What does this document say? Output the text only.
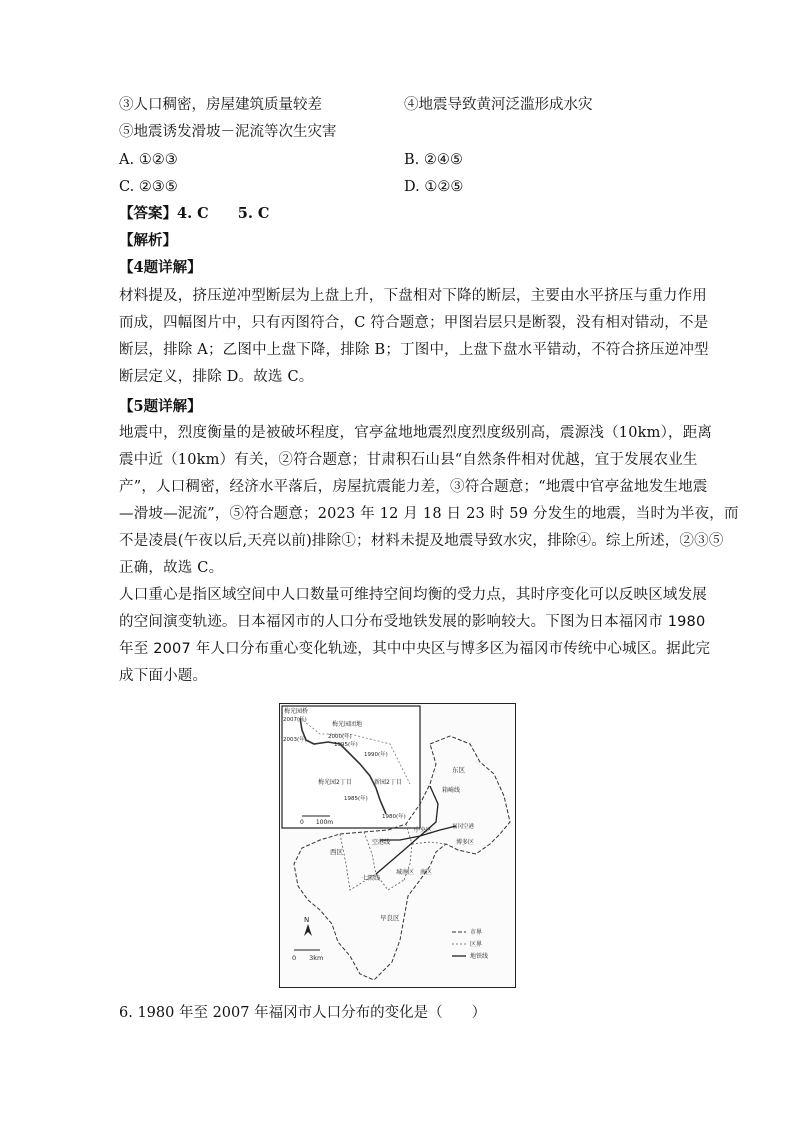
③人口稠密，房屋建筑质量较差	④地震导致黄河泛滥形成水灾
⑤地震诱发滑坡－泥流等次生灾害
A. ①②③	B. ②④⑤
C. ②③⑤	D. ①②⑤
【答案】4. C　　5. C
【解析】
【4题详解】
材料提及，挤压逆冲型断层为上盘上升，下盘相对下降的断层，主要由水平挤压与重力作用
而成，四幅图片中，只有丙图符合，C 符合题意；甲图岩层只是断裂，没有相对错动，不是
断层，排除 A；乙图中上盘下降，排除 B；丁图中，上盘下盘水平错动，不符合挤压逆冲型
断层定义，排除 D。故选 C。
【5题详解】
地震中，烈度衡量的是被破坏程度，官亭盆地地震烈度烈度级别高，震源浅（10km），距离
震中近（10km）有关，②符合题意；甘肃积石山县“自然条件相对优越，宜于发展农业生
产”，人口稠密，经济水平落后，房屋抗震能力差，③符合题意；“地震中官亭盆地发生地震
—滑坡—泥流”，⑤符合题意；2023 年 12 月 18 日 23 时 59 分发生的地震，当时为半夜，而
不是凌晨(午夜以后,天亮以前)排除①；材料未提及地震导致水灾，排除④。综上所述，②③⑤
正确，故选 C。
人口重心是指区域空间中人口数量可维持空间均衡的受力点，其时序变化可以反映区域发展
的空间演变轨迹。日本福冈市的人口分布受地铁发展的影响较大。下图为日本福冈市 1980
年至 2007 年人口分布重心变化轨迹，其中中央区与博多区为福冈市传统中心城区。据此完
成下面小题。
梅光园桥
梅光园团地
梅光园2丁目	新园2丁目
2007(年)
2003(年)	2000(年)
1995(年)
1990(年)
1985(年)
1980(年)
0　　100m
东区
箱崎线
中央区	福冈空港
博多区
西区
空港线
七隈线
城南区 南区
早良区
N
0　　3km
市界
区界
地铁线
6. 1980 年至 2007 年福冈市人口分布的变化是（　　）
